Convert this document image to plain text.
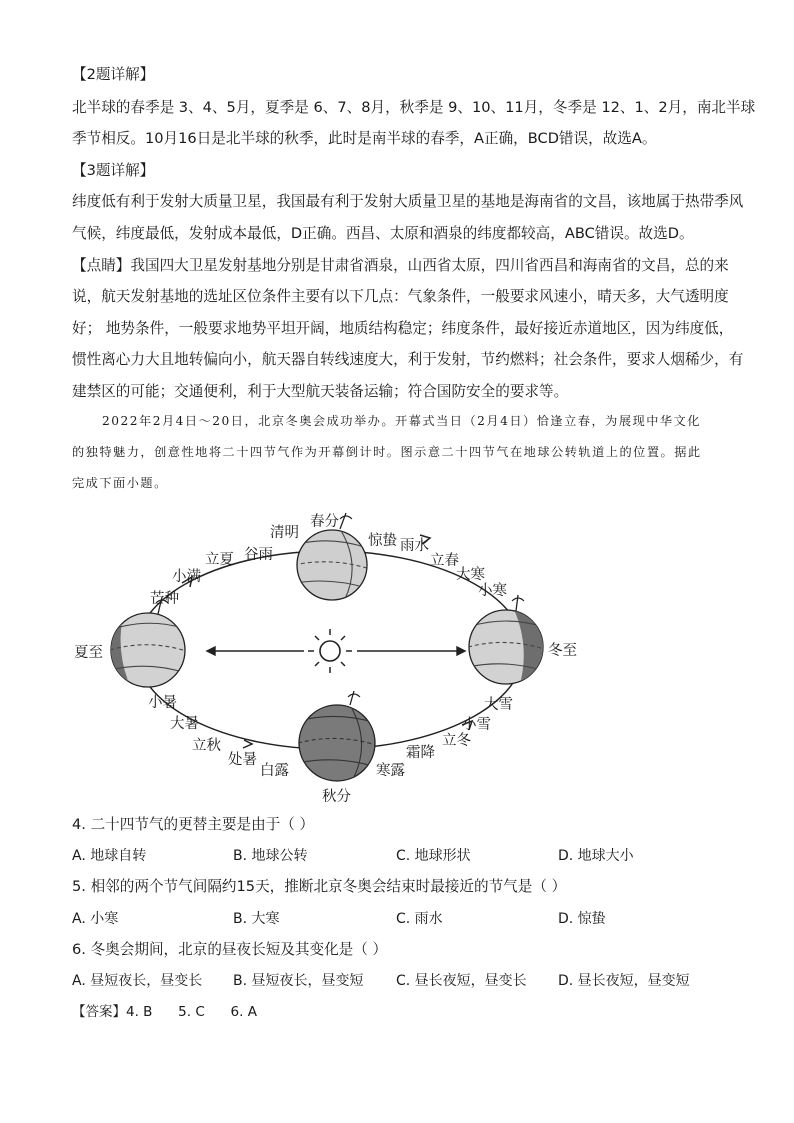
【2题详解】
北半球的春季是 3、4、5月，夏季是 6、7、8月，秋季是 9、10、11月，冬季是 12、1、2月，南北半球
季节相反。10月16日是北半球的秋季，此时是南半球的春季，A正确，BCD错误，故选A。
【3题详解】
纬度低有利于发射大质量卫星，我国最有利于发射大质量卫星的基地是海南省的文昌，该地属于热带季风
气候，纬度最低，发射成本最低，D正确。西昌、太原和酒泉的纬度都较高，ABC错误。故选D。
【点睛】我国四大卫星发射基地分别是甘肃省酒泉，山西省太原，四川省西昌和海南省的文昌，总的来
说，航天发射基地的选址区位条件主要有以下几点：气象条件，一般要求风速小，晴天多，大气透明度
好； 地势条件，一般要求地势平坦开阔，地质结构稳定；纬度条件，最好接近赤道地区，因为纬度低，
惯性离心力大且地转偏向小，航天器自转线速度大，利于发射，节约燃料；社会条件，要求人烟稀少，有
建禁区的可能；交通便利，利于大型航天装备运输；符合国防安全的要求等。
2022年2月4日～20日，北京冬奥会成功举办。开幕式当日（2月4日）恰逢立春，为展现中华文化
的独特魅力，创意性地将二十四节气作为开幕倒计时。图示意二十四节气在地球公转轨道上的位置。据此
完成下面小题。
春分
清明
谷雨
立夏
小满
芒种
夏至
小暑
大暑
立秋
处暑
白露
秋分
寒露
霜降
立冬
小雪
大雪
冬至
小寒
大寒
立春
雨水
惊蛰
4. 二十四节气的更替主要是由于（ ）
A. 地球自转	B. 地球公转	C. 地球形状	D. 地球大小
5. 相邻的两个节气间隔约15天，推断北京冬奥会结束时最接近的节气是（ ）
A. 小寒	B. 大寒	C. 雨水	D. 惊蛰
6. 冬奥会期间，北京的昼夜长短及其变化是（ ）
A. 昼短夜长，昼变长 B. 昼短夜长，昼变短 C. 昼长夜短，昼变长 D. 昼长夜短，昼变短
【答案】4. B      5. C      6. A
